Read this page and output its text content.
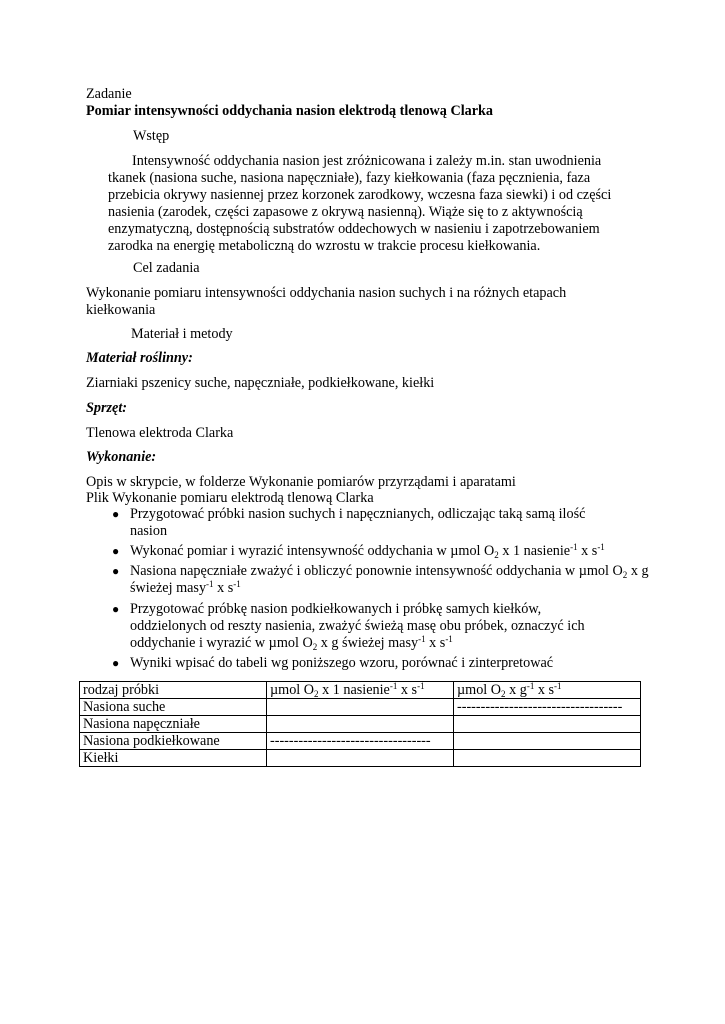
Zadanie
Pomiar intensywności oddychania nasion elektrodą tlenową Clarka
Wstęp
Intensywność oddychania nasion jest zróżnicowana i zależy m.in. stan uwodnienia tkanek (nasiona suche, nasiona napęczniałe), fazy kiełkowania (faza pęcznienia, faza przebicia okrywy nasiennej przez korzonek zarodkowy, wczesna faza siewki) i od części nasienia (zarodek, części zapasowe z okrywą nasienną). Wiąże się to z aktywnością enzymatyczną, dostępnością substratów oddechowych w nasieniu i zapotrzebowaniem zarodka na energię metaboliczną do wzrostu w trakcie procesu kiełkowania.
Cel zadania
Wykonanie pomiaru intensywności oddychania nasion suchych i na różnych etapach kiełkowania
Materiał i metody
Materiał roślinny:
Ziarniaki pszenicy suche, napęczniałe, podkiełkowane, kiełki
Sprzęt:
Tlenowa elektroda Clarka
Wykonanie:
Opis w skrypcie, w folderze Wykonanie pomiarów przyrządami i aparatami
Plik Wykonanie pomiaru elektrodą tlenową Clarka
● Przygotować próbki nasion suchych i napęcznianych, odliczając taką samą ilość nasion
● Wykonać pomiar i wyrazić intensywność oddychania w µmol $O_2$ x 1 nasienie$^{-1}$ x $s^{-1}$
● Nasiona napęczniałe zważyć i obliczyć ponownie intensywność oddychania w µmol $O_2$ x g świeżej masy$^{-1}$ x $s^{-1}$
● Przygotować próbkę nasion podkiełkowanych i próbkę samych kiełków, oddzielonych od reszty nasienia, zważyć świeżą masę obu próbek, oznaczyć ich oddychanie i wyrazić w µmol $O_2$ x g świeżej masy$^{-1}$ x $s^{-1}$
● Wyniki wpisać do tabeli wg poniższego wzoru, porównać i zinterpretować
rodzaj próbki	µmol $O_2$ x 1 nasienie$^{-1}$ x $s^{-1}$	µmol $O_2$ x $g^{-1}$ x $s^{-1}$
Nasiona suche		-----------------------------------
Nasiona napęczniałe		
Nasiona podkiełkowane	----------------------------------	
Kiełki		
